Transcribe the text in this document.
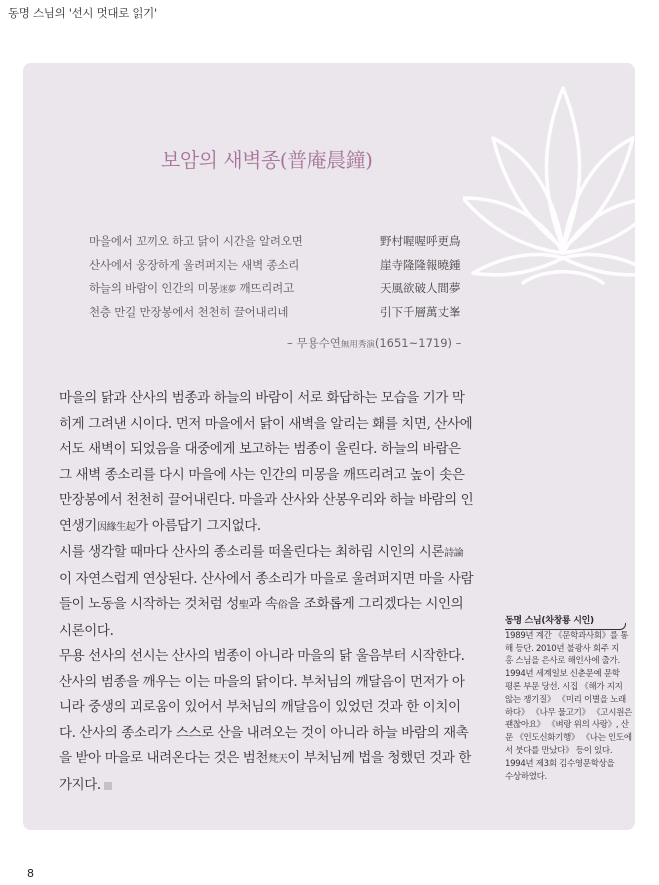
동명 스님의 '선시 멋대로 읽기'
보암의 새벽종(普庵晨鐘)
마을에서 꼬끼오 하고 닭이 시간을 알려오면	野村喔喔呼更鳥
산사에서 웅장하게 울려퍼지는 새벽 종소리	崖寺隆隆報曉鍾
하늘의 바람이 인간의 미몽迷夢 깨뜨리려고	天風欲破人間夢
천층 만길 만장봉에서 천천히 끌어내리네	引下千層萬丈峯
– 무용수연無用秀演(1651~1719) –
마을의 닭과 산사의 범종과 하늘의 바람이 서로 화답하는 모습을 기가 막
히게 그려낸 시이다. 먼저 마을에서 닭이 새벽을 알리는 홰를 치면, 산사에
서도 새벽이 되었음을 대중에게 보고하는 범종이 울린다. 하늘의 바람은
그 새벽 종소리를 다시 마을에 사는 인간의 미몽을 깨뜨리려고 높이 솟은
만장봉에서 천천히 끌어내린다. 마을과 산사와 산봉우리와 하늘 바람의 인
연생기因緣生起가 아름답기 그지없다.
시를 생각할 때마다 산사의 종소리를 떠올린다는 최하림 시인의 시론詩論
이 자연스럽게 연상된다. 산사에서 종소리가 마을로 울려퍼지면 마을 사람
들이 노동을 시작하는 것처럼 성聖과 속俗을 조화롭게 그리겠다는 시인의
시론이다.
무용 선사의 선시는 산사의 범종이 아니라 마을의 닭 울음부터 시작한다.
산사의 범종을 깨우는 이는 마을의 닭이다. 부처님의 깨달음이 먼저가 아
니라 중생의 괴로움이 있어서 부처님의 깨달음이 있었던 것과 한 이치이
다. 산사의 종소리가 스스로 산을 내려오는 것이 아니라 하늘 바람의 재촉
을 받아 마을로 내려온다는 것은 범천梵天이 부처님께 법을 청했던 것과 한
가지다.
동명 스님(차창룡 시인)
1989년 계간 《문학과사회》를 통
해 등단. 2010년 불광사 회주 지
홍 스님을 은사로 해인사에 출가.
1994년 세계일보 신춘문예 문학
평론 부문 당선. 시집 《해가 지지
않는 쟁기질》 《미리 이별을 노래
하다》 《나무 물고기》 《고시원은
괜찮아요》 《벼랑 위의 사랑》, 산
문 《인도신화기행》 《나는 인도에
서 붓다를 만났다》 등이 있다.
1994년 제3회 김수영문학상을
수상하였다.
8
